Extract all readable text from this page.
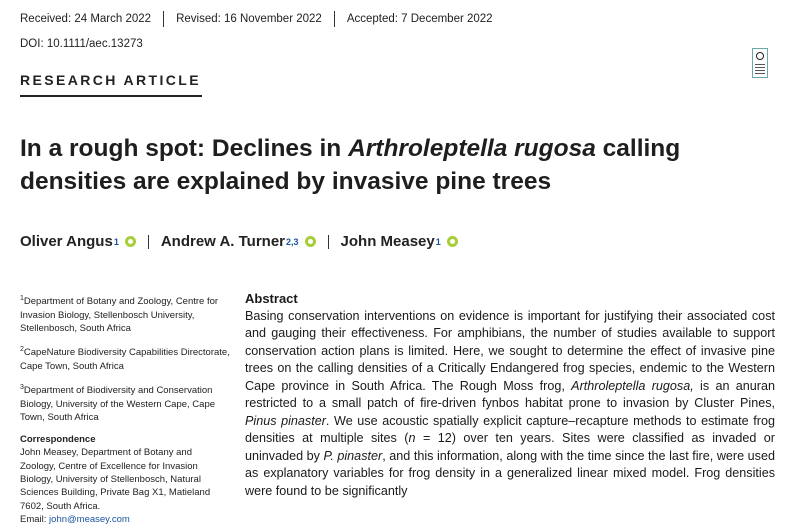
Received: 24 March 2022 Revised: 16 November 2022 Accepted: 7 December 2022
DOI: 10.1111/aec.13273
RESEARCH ARTICLE
In a rough spot: Declines in Arthroleptella rugosa calling densities are explained by invasive pine trees
Oliver Angus 1	Andrew A. Turner 2,3	John Measey 1

$^1$Department of Botany and Zoology, Centre for Invasion Biology, Stellenbosch University, Stellenbosch, South Africa

$^2$CapeNature Biodiversity Capabilities Directorate, Cape Town, South Africa

$^3$Department of Biodiversity and Conservation Biology, University of the Western Cape, Cape Town, South Africa

Correspondence

John Measey, Department of Botany and Zoology, Centre of Excellence for Invasion Biology, University of Stellenbosch, Natural Sciences Building, Private Bag X1, Matieland 7602, South Africa.
Email: john@measey.com

Abstract

Basing conservation interventions on evidence is important for justifying their associated cost and gauging their effectiveness. For amphibians, the number of studies available to support conservation action plans is limited. Here, we sought to determine the effect of invasive pine trees on the calling densities of a Critically Endangered frog species, endemic to the Western Cape province in South Africa. The Rough Moss frog, Arthroleptella rugosa, is an anuran restricted to a small patch of fire-driven fynbos habitat prone to invasion by Cluster Pines, Pinus pinaster. We use acoustic spatially explicit capture–recapture methods to estimate frog densities at multiple sites (n = 12) over ten years. Sites were classified as invaded or uninvaded by P. pinaster, and this information, along with the time since the last fire, were used as explanatory variables for frog density in a generalized linear mixed model. Frog densities were found to be significantly
